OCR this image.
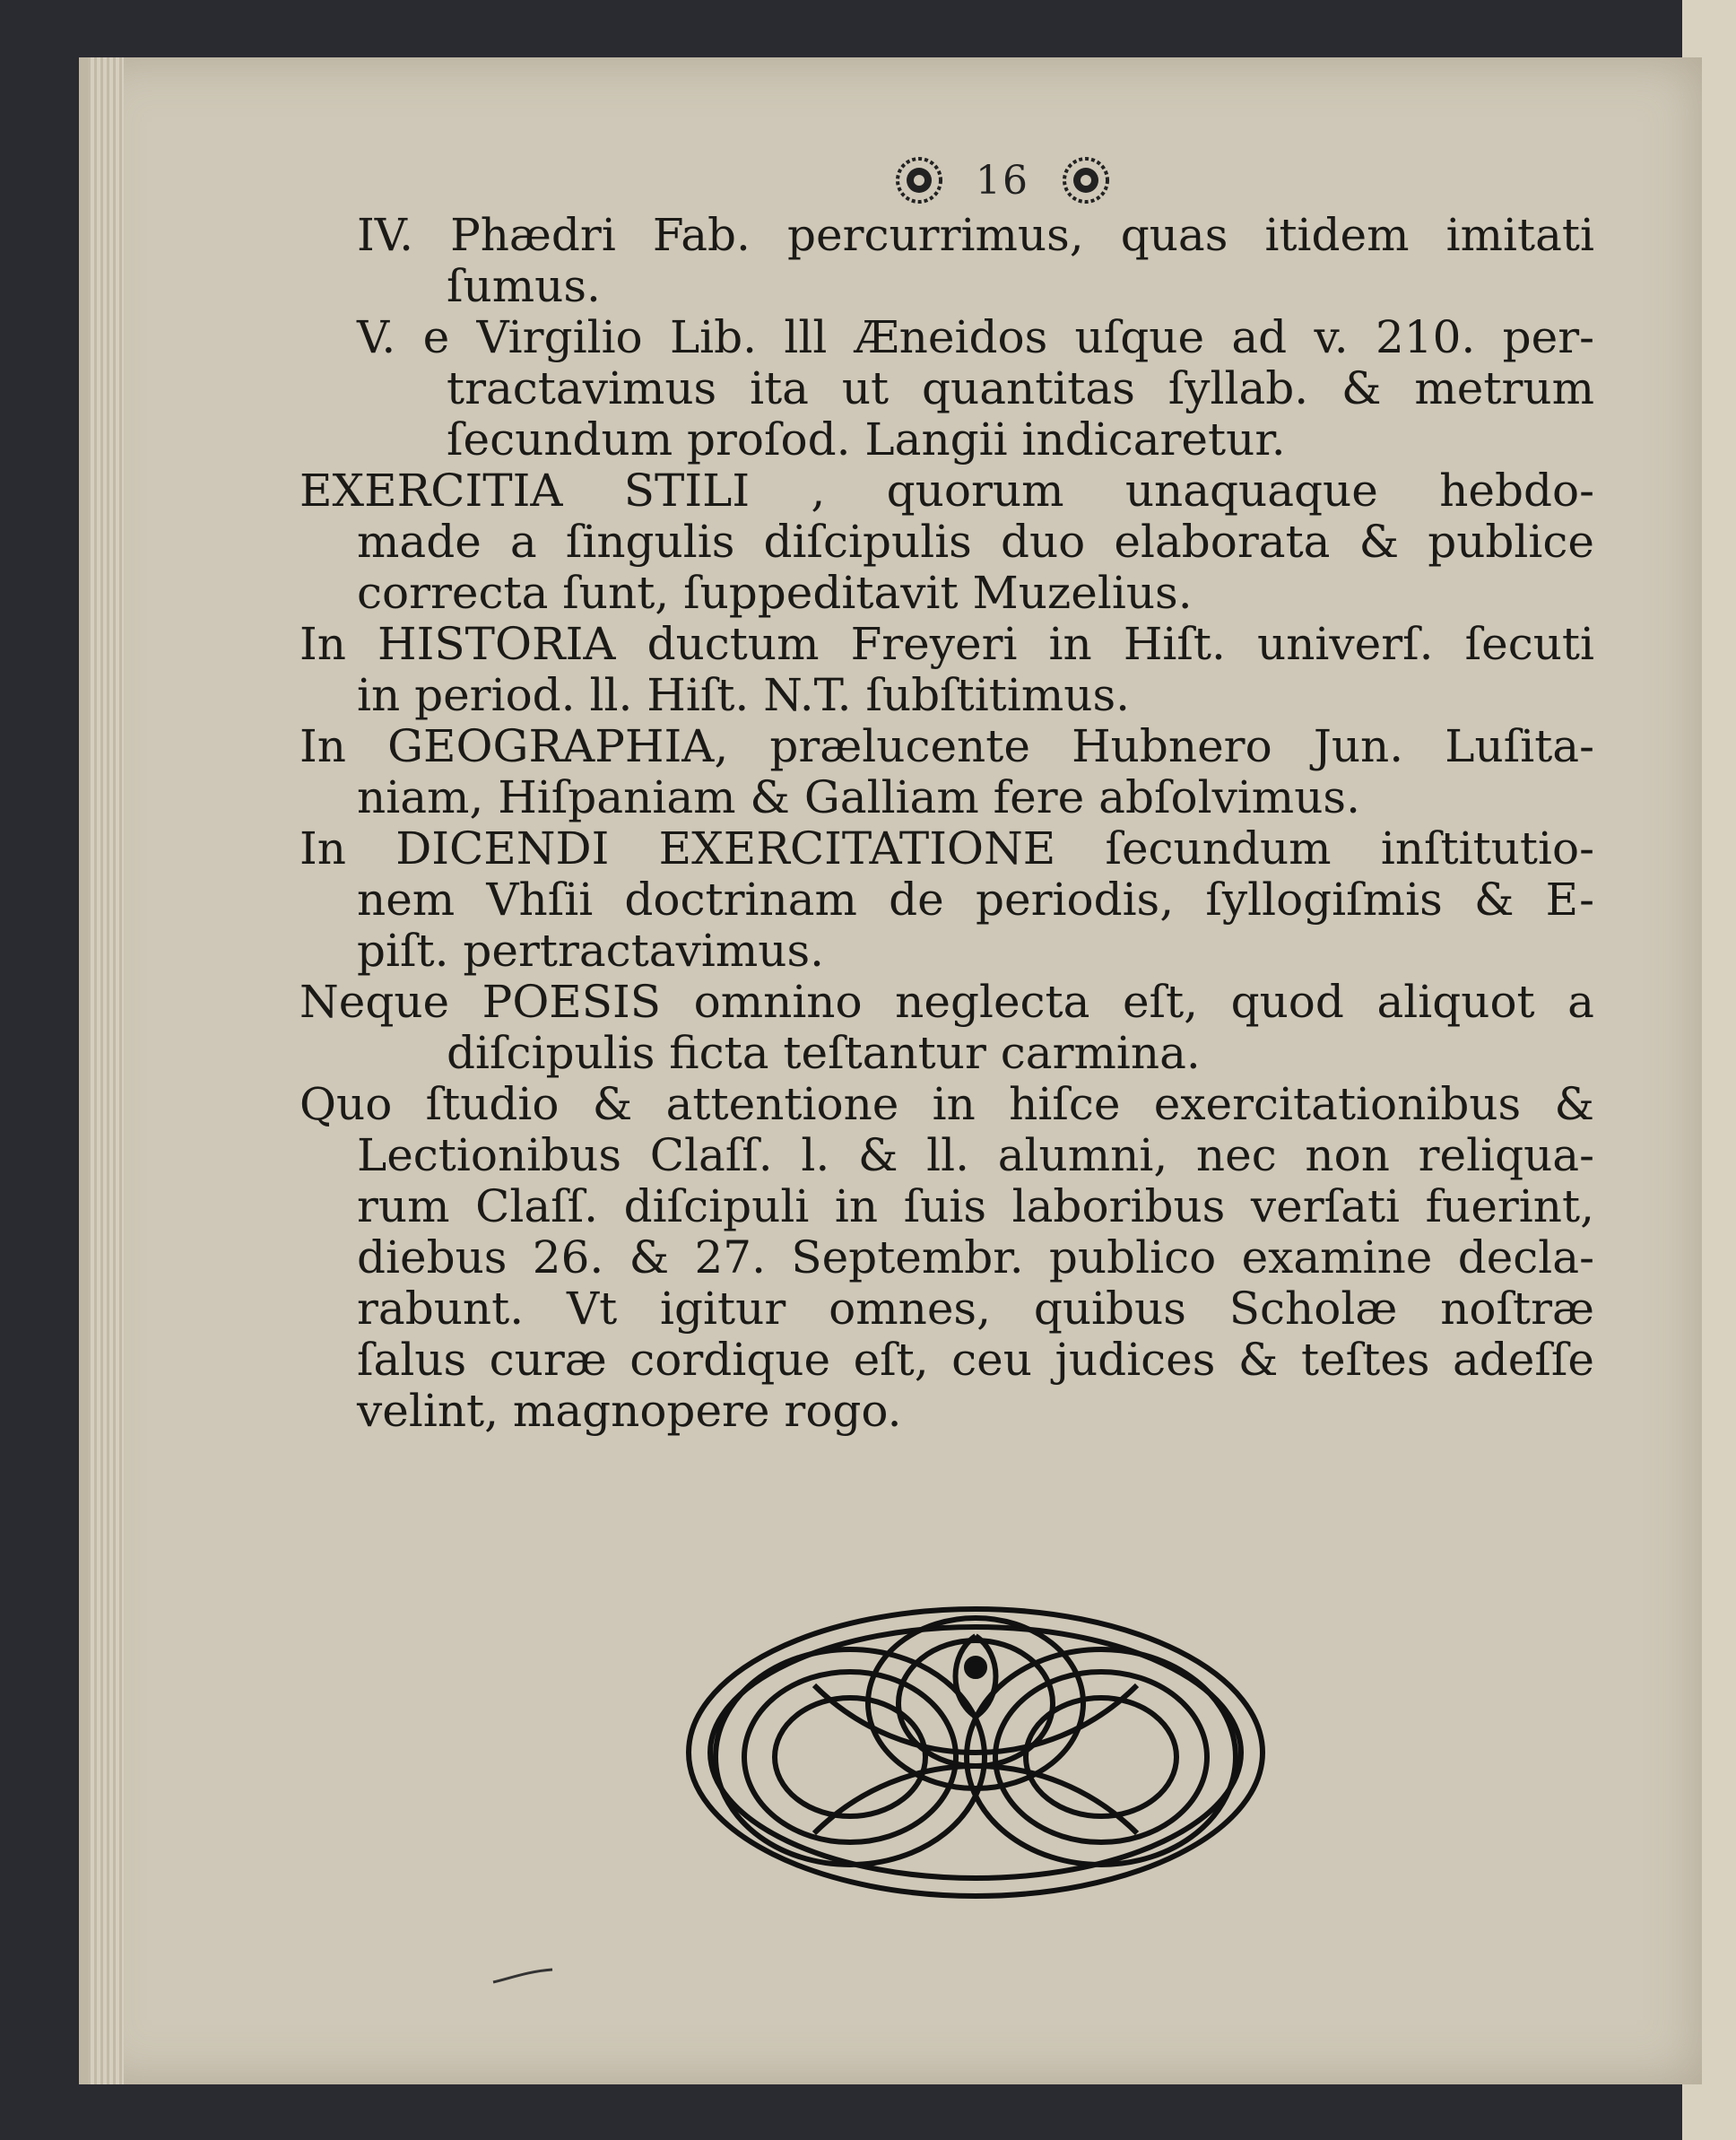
16
IV. Phædri Fab. percurrimus, quas itidem imitati
ſumus.
V. e Virgilio Lib. lll Æneidos uſque ad v. 210. per-
tractavimus ita ut quantitas ſyllab. & metrum
ſecundum proſod. Langii indicaretur.
EXERCITIA STILI , quorum unaquaque hebdo-
made a ſingulis diſcipulis duo elaborata & publice
correcta ſunt, ſuppeditavit Muzelius.
In HISTORIA ductum Freyeri in Hiſt. univerſ. ſecuti
in period. ll. Hiſt. N.T. ſubſtitimus.
In GEOGRAPHIA, prælucente Hubnero Jun. Luſita-
niam, Hiſpaniam & Galliam fere abſolvimus.
In DICENDI EXERCITATIONE ſecundum inſtitutio-
nem Vhſii doctrinam de periodis, ſyllogiſmis & E-
piſt. pertractavimus.
Neque POESIS omnino neglecta eſt, quod aliquot a
diſcipulis ficta teſtantur carmina.
Quo ſtudio & attentione in hiſce exercitationibus &
Lectionibus Claſſ. l. & ll. alumni, nec non reliqua-
rum Claſſ. diſcipuli in ſuis laboribus verſati fuerint,
diebus 26. & 27. Septembr. publico examine decla-
rabunt. Vt igitur omnes, quibus Scholæ noſtræ
ſalus curæ cordique eſt, ceu judices & teſtes adeſſe
velint, magnopere rogo.
